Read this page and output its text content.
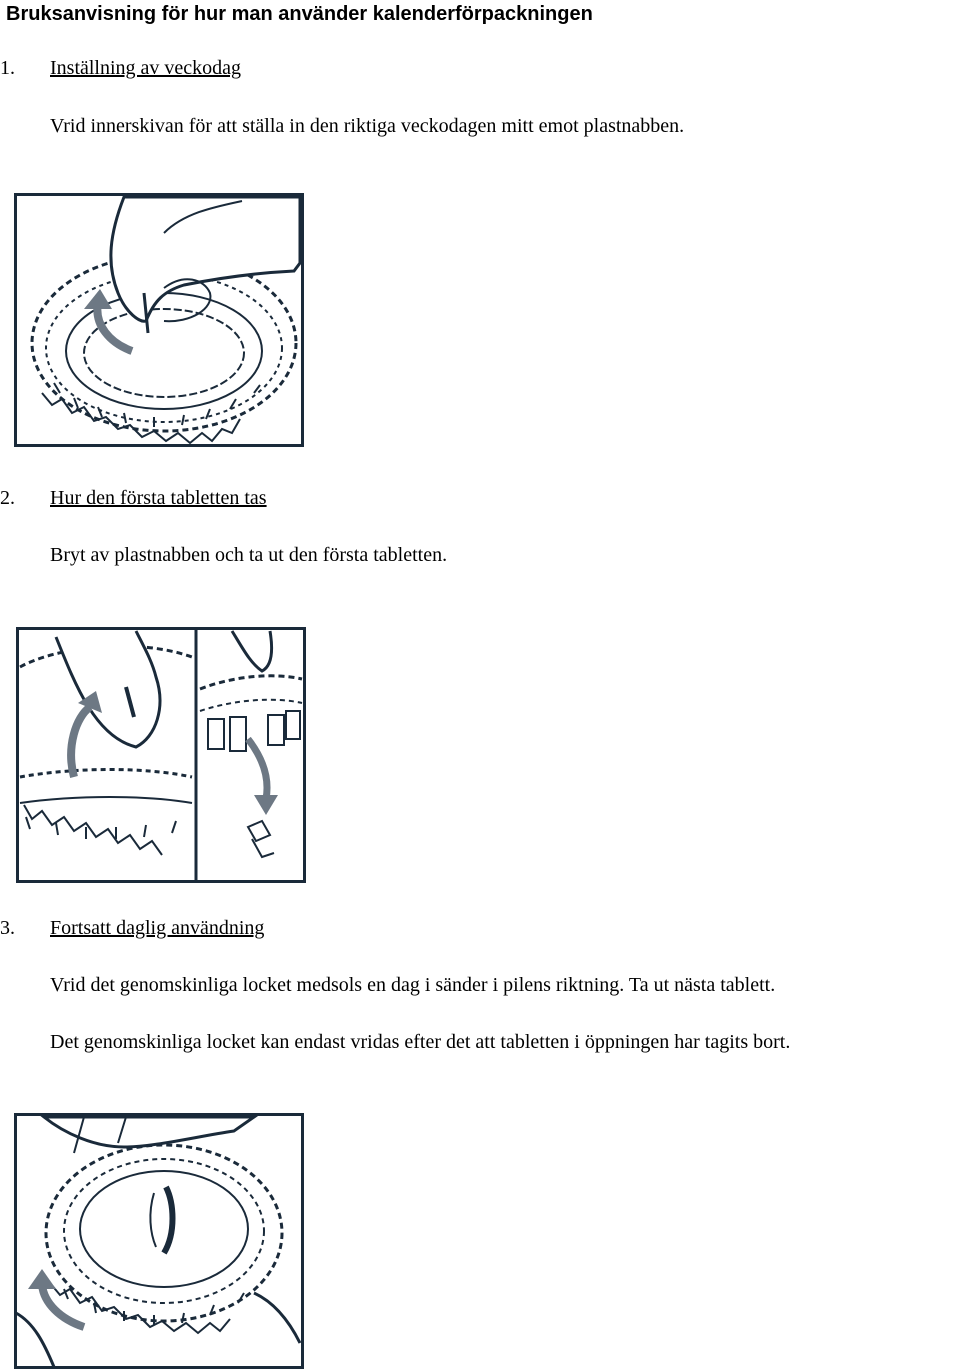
Bruksanvisning för hur man använder kalenderförpackningen
1. Inställning av veckodag
Vrid innerskivan för att ställa in den riktiga veckodagen mitt emot plastnabben.
2. Hur den första tabletten tas
Bryt av plastnabben och ta ut den första tabletten.
3. Fortsatt daglig användning
Vrid det genomskinliga locket medsols en dag i sänder i pilens riktning. Ta ut nästa tablett.
Det genomskinliga locket kan endast vridas efter det att tabletten i öppningen har tagits bort.
